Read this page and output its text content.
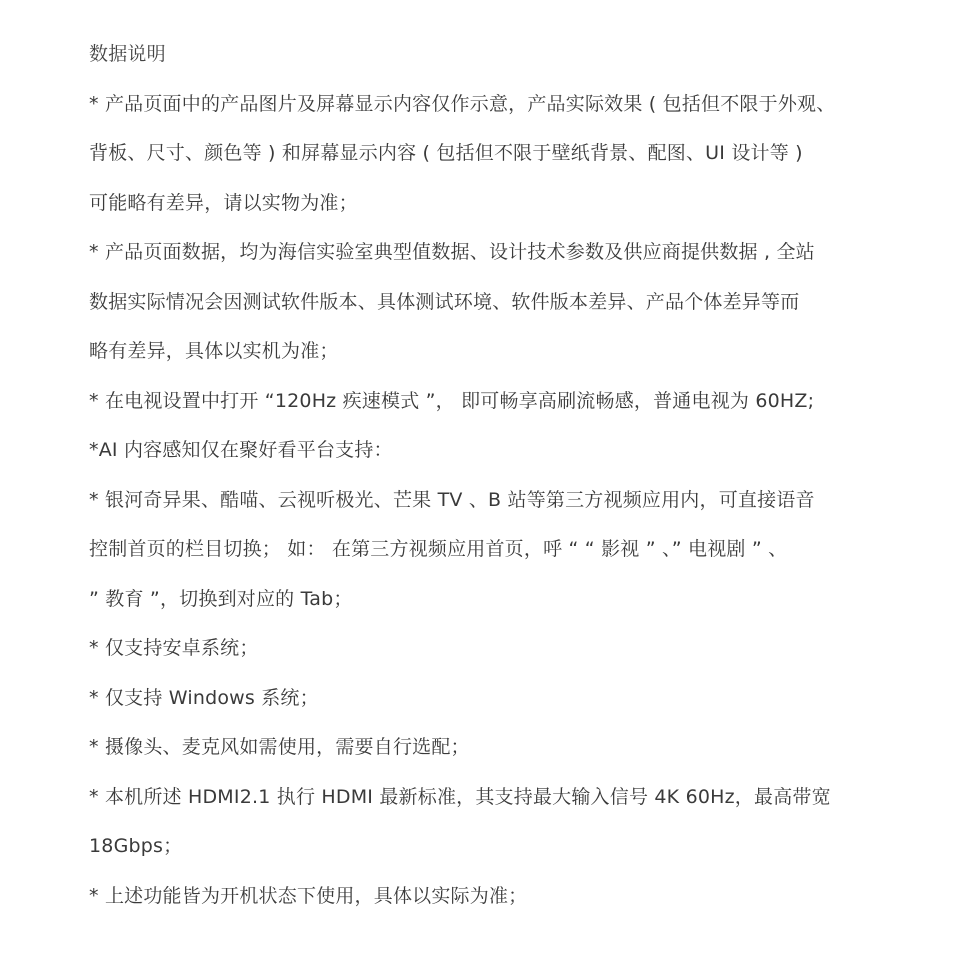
数据说明
* 产品页面中的产品图片及屏幕显示内容仅作示意，产品实际效果 ( 包括但不限于外观、
背板、尺寸、颜色等 ) 和屏幕显示内容 ( 包括但不限于壁纸背景、配图、UI 设计等 )
可能略有差异，请以实物为准；
* 产品页面数据，均为海信实验室典型值数据、设计技术参数及供应商提供数据 , 全站
数据实际情况会因测试软件版本、具体测试环境、软件版本差异、产品个体差异等而
略有差异，具体以实机为准；
* 在电视设置中打开 “120Hz 疾速模式 ”， 即可畅享高刷流畅感，普通电视为 60HZ;
*AI 内容感知仅在聚好看平台支持：
* 银河奇异果、酷喵、云视听极光、芒果 TV 、B 站等第三方视频应用内，可直接语音
控制首页的栏目切换； 如： 在第三方视频应用首页，呼 “ “ 影视 ” 、” 电视剧 ” 、
” 教育 ”，切换到对应的 Tab；
* 仅支持安卓系统；
* 仅支持 Windows 系统；
* 摄像头、麦克风如需使用，需要自行选配；
* 本机所述 HDMI2.1 执行 HDMI 最新标准，其支持最大输入信号 4K 60Hz，最高带宽
18Gbps；
* 上述功能皆为开机状态下使用，具体以实际为准；
